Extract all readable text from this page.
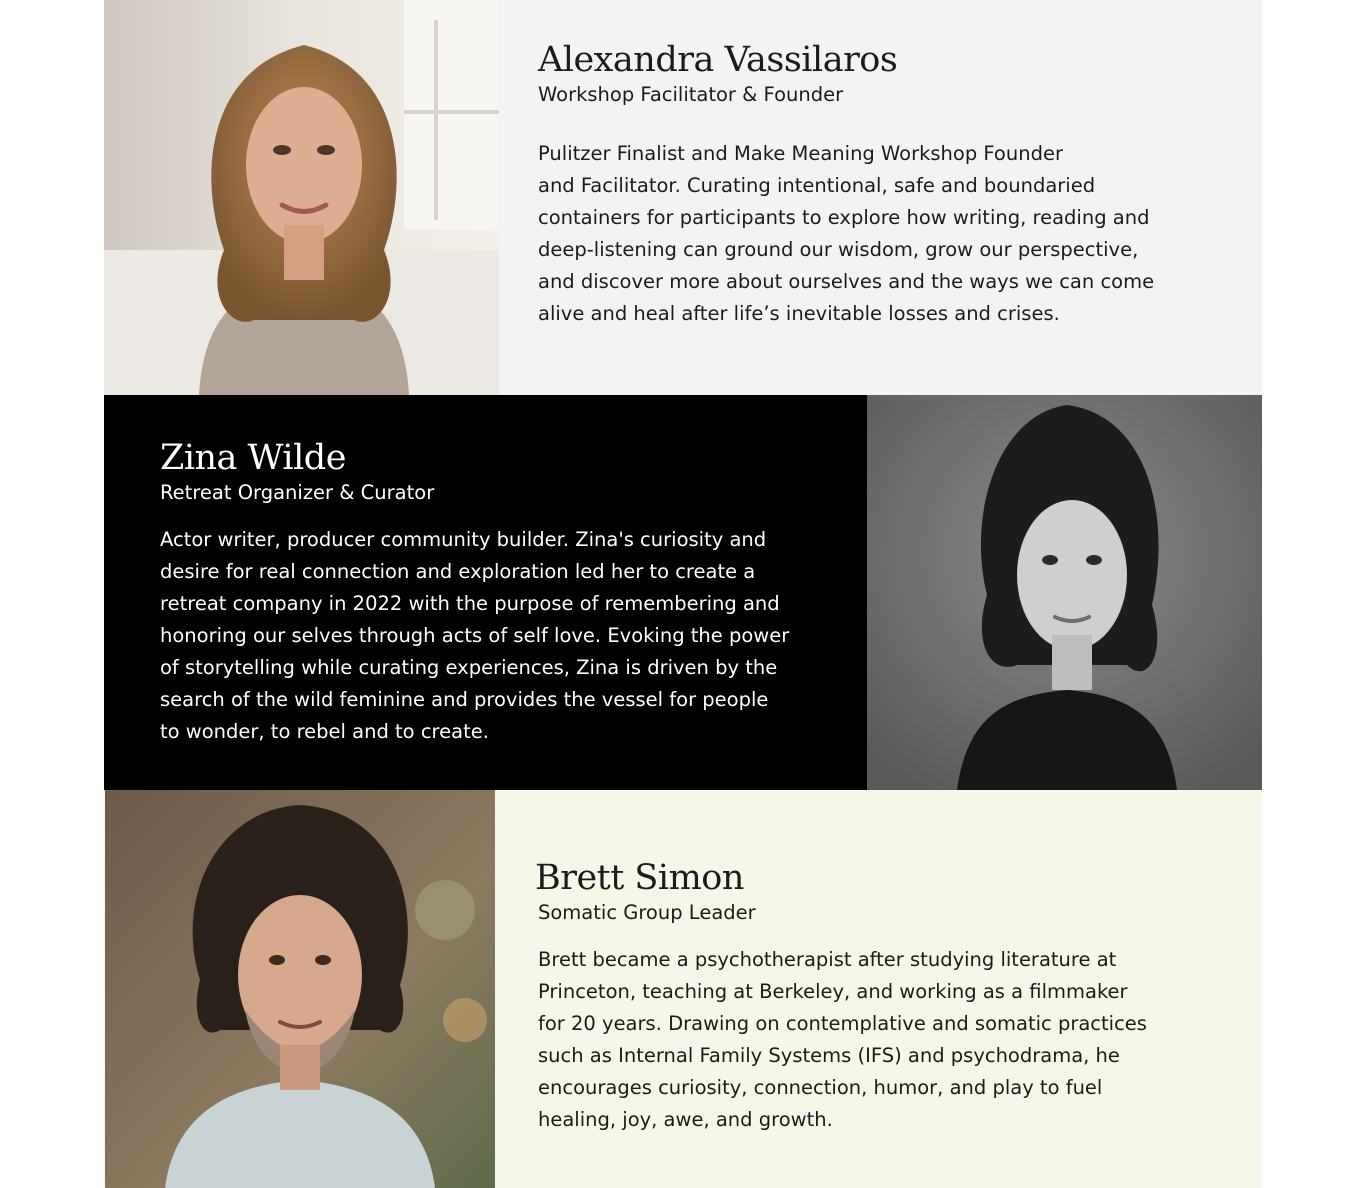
Alexandra Vassilaros

Workshop Facilitator & Founder

Pulitzer Finalist and Make Meaning Workshop Founder
and Facilitator. Curating intentional, safe and boundaried
containers for participants to explore how writing, reading and
deep-listening can ground our wisdom, grow our perspective,
and discover more about ourselves and the ways we can come
alive and heal after life’s inevitable losses and crises.

Zina Wilde

Retreat Organizer & Curator

Actor writer, producer community builder. Zina's curiosity and
desire for real connection and exploration led her to create a
retreat company in 2022 with the purpose of remembering and
honoring our selves through acts of self love. Evoking the power
of storytelling while curating experiences, Zina is driven by the
search of the wild feminine and provides the vessel for people
to wonder, to rebel and to create.

Brett Simon

Somatic Group Leader

Brett became a psychotherapist after studying literature at
Princeton, teaching at Berkeley, and working as a filmmaker
for 20 years. Drawing on contemplative and somatic practices
such as Internal Family Systems (IFS) and psychodrama, he
encourages curiosity, connection, humor, and play to fuel
healing, joy, awe, and growth.
